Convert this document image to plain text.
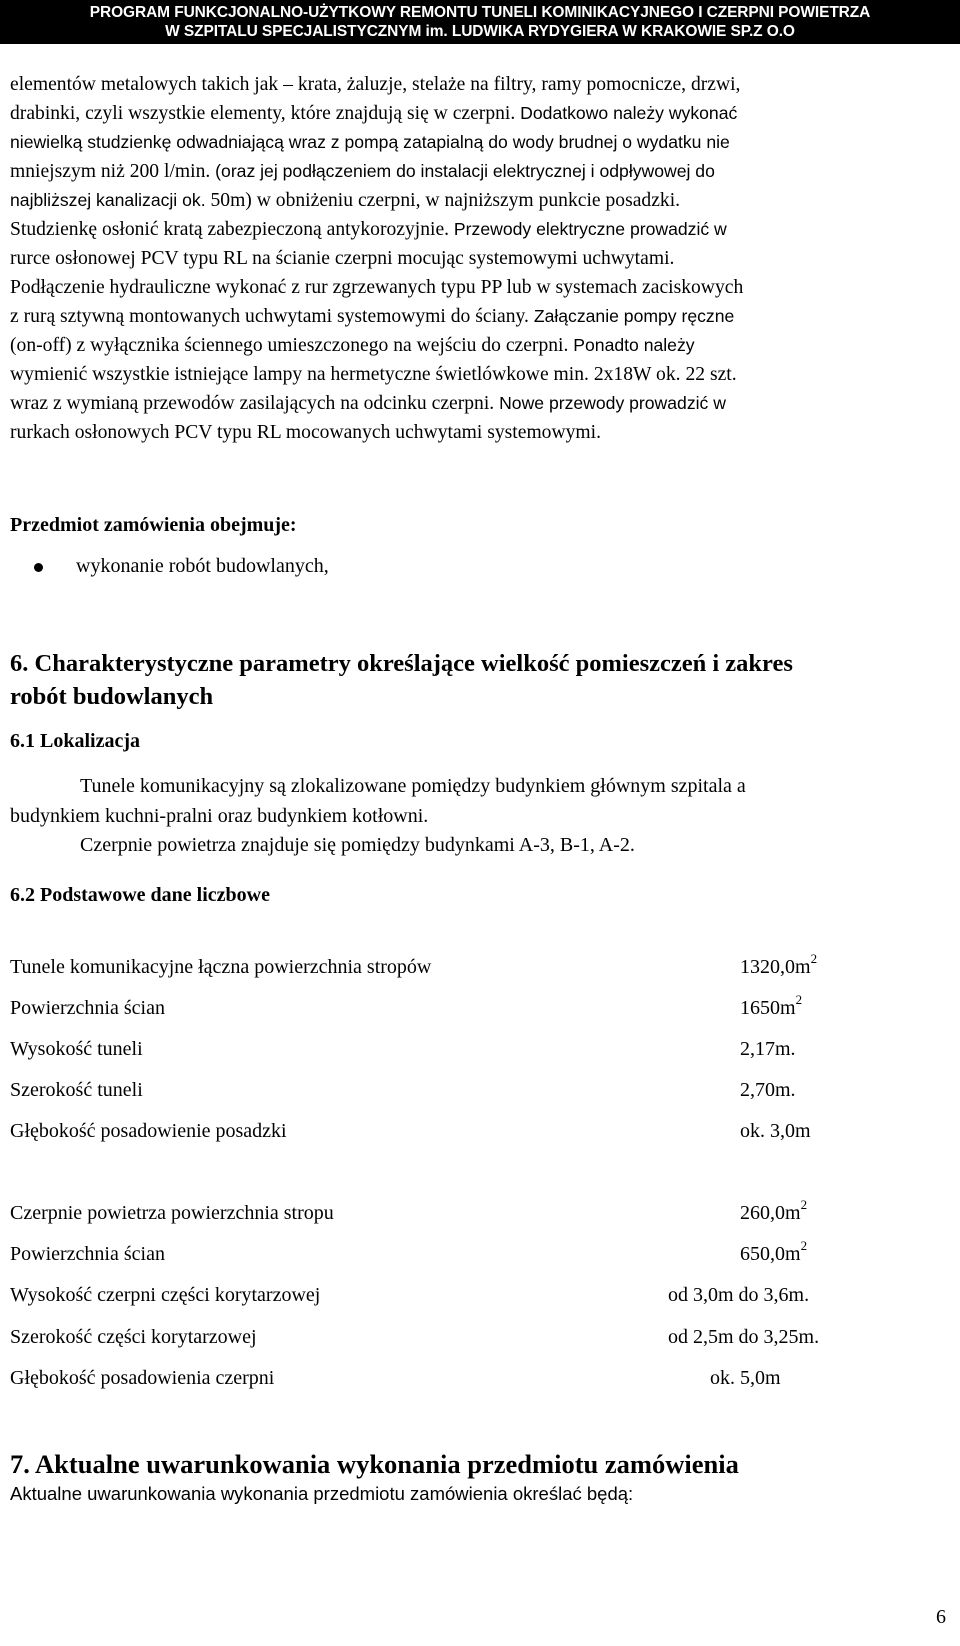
PROGRAM FUNKCJONALNO-UŻYTKOWY REMONTU TUNELI KOMINIKACYJNEGO I CZERPNI POWIETRZA
W SZPITALU SPECJALISTYCZNYM im. LUDWIKA RYDYGIERA W KRAKOWIE SP.Z O.O

elementów metalowych takich jak – krata, żaluzje, stelaże na filtry, ramy pomocnicze, drzwi,

drabinki, czyli wszystkie elementy, które znajdują się w czerpni. Dodatkowo należy wykonać

niewielką studzienkę odwadniającą wraz z pompą zatapialną do wody brudnej o wydatku nie

mniejszym niż 200 l/min. (oraz jej podłączeniem do instalacji elektrycznej i odpływowej do

najbliższej kanalizacji ok. 50m) w obniżeniu czerpni, w najniższym punkcie posadzki.

Studzienkę osłonić kratą zabezpieczoną antykorozyjnie. Przewody elektryczne prowadzić w

rurce osłonowej PCV typu RL na ścianie czerpni mocując systemowymi uchwytami.

Podłączenie hydrauliczne wykonać z rur zgrzewanych typu PP lub w systemach zaciskowych

z rurą sztywną montowanych uchwytami systemowymi do ściany. Załączanie pompy ręczne

(on-off) z wyłącznika ściennego umieszczonego na wejściu do czerpni. Ponadto należy

wymienić wszystkie istniejące lampy na hermetyczne świetlówkowe min. 2x18W ok. 22 szt.

wraz z wymianą przewodów zasilających na odcinku czerpni. Nowe przewody prowadzić w

rurkach osłonowych PCV typu RL mocowanych uchwytami systemowymi.

Przedmiot zamówienia obejmuje:
wykonanie robót budowlanych,
6. Charakterystyczne parametry określające wielkość pomieszczeń i zakres
robót budowlanych
6.1 Lokalizacja
Tunele komunikacyjny są zlokalizowane pomiędzy budynkiem głównym szpitala a
budynkiem kuchni-pralni oraz budynkiem kotłowni.
Czerpnie powietrza znajduje się pomiędzy budynkami A-3, B-1, A-2.
6.2 Podstawowe dane liczbowe
Tunele komunikacyjne łączna powierzchnia stropów	$1320,0m^2$
Powierzchnia ścian	$1650m^2$
Wysokość tuneli	2,17m.
Szerokość tuneli	2,70m.
Głębokość posadowienie posadzki	ok. 3,0m
Czerpnie powietrza powierzchnia stropu	$260,0m^2$
Powierzchnia ścian	$650,0m^2$
Wysokość czerpni części korytarzowej	od 3,0m do 3,6m.
Szerokość części korytarzowej	od 2,5m do 3,25m.
Głębokość posadowienia czerpni	ok. 5,0m
7. Aktualne uwarunkowania wykonania przedmiotu zamówienia
Aktualne uwarunkowania wykonania przedmiotu zamówienia określać będą:
6
